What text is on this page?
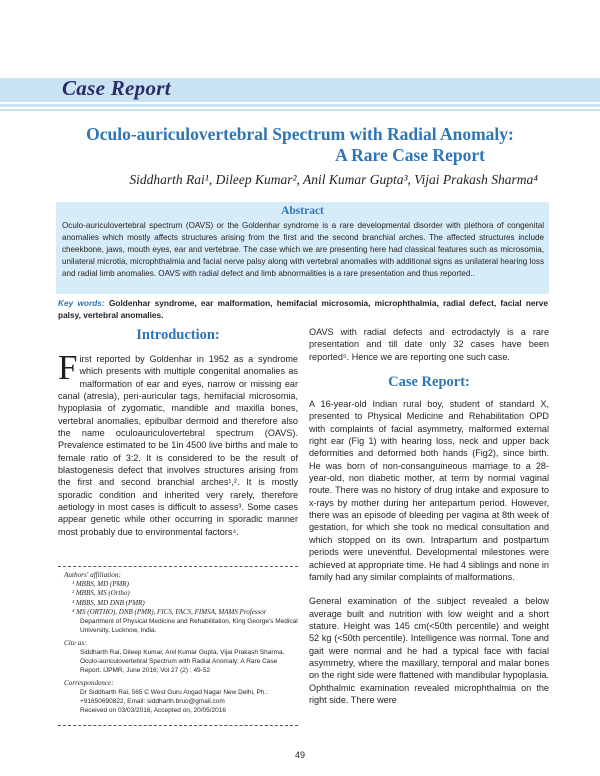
Case Report
Oculo-auriculovertebral Spectrum with Radial Anomaly:
A Rare Case Report
Siddharth Rai¹, Dileep Kumar², Anil Kumar Gupta³, Vijai Prakash Sharma⁴
Abstract
Oculo-auriculovertebral spectrum (OAVS) or the Goldenhar syndrome is a rare developmental disorder with plethora of congenital anomalies which mostly affects structures arising from the first and the second branchial arches. The affected structures include cheekbone, jaws, mouth eyes, ear and vertebrae. The case which we are presenting here had classical features such as microsomia, unilateral microtia, microphthalmia and facial nerve palsy along with vertebral anomalies with additional signs as unilateral hearing loss and radial limb anomalies. OAVS with radial defect and limb abnormalities is a rare presentation and thus reported..
Key words: Goldenhar syndrome, ear malformation, hemifacial microsomia, microphthalmia, radial defect, facial nerve palsy, vertebral anomalies.
Introduction:
First reported by Goldenhar in 1952 as a syndrome which presents with multiple congenital anomalies as malformation of ear and eyes, narrow or missing ear canal (atresia), peri-auricular tags, hemifacial microsomia, hypoplasia of zygomatic, mandible and maxilla bones, vertebral anomalies, epibulbar dermoid and therefore also the name oculoauriculovertebral spectrum (OAVS). Prevalence estimated to be 1in 4500 live births and male to female ratio of 3:2. It is considered to be the result of blastogenesis defect that involves structures arising from the first and second branchial arches¹,². It is mostly sporadic condition and inherited very rarely, therefore aetiology in most cases is difficult to assess³. Some cases appear genetic while other occurring in sporadic manner most probably due to environmental factors⁴.
Authors' affiliation:
¹ MBBS, MD (PMR)
² MBBS, MS (Ortho)
³ MBBS, MD DNB (PMR)
⁴ MS (ORTHO), DNB (PMR), FICS, FACS, FIMSA, MAMS Professor
Department of Physical Medicine and Rehabilitation, King George's Medical University, Lucknow, India.
Cite as:
Siddharth Rai, Dileep Kumar, Anil Kumar Gupta, Vijai Prakash Sharma, Oculo-auriculovertebral Spectrum with Radial Anomaly: A Rare Case Report. IJPMR, June 2016; Vol 27 (2) : 49-52
Correspondence:
Dr Siddharth Rai, 565 C West Guru Angad Nagar New Delhi, Ph.: +91650690822, Email: siddharth.bruo@gmail.com
Received on 03/03/2016, Accepted on, 20/05/2016
OAVS with radial defects and ectrodactyly is a rare presentation and till date only 32 cases have been reported⁵. Hence we are reporting one such case.
Case Report:
A 16-year-old Indian rural boy, student of standard X, presented to Physical Medicine and Rehabilitation OPD with complaints of facial asymmetry, malformed external right ear (Fig 1) with hearing loss, neck and upper back deformities and deformed both hands (Fig2), since birth. He was born of non-consanguineous marriage to a 28-year-old, non diabetic mother, at term by normal vaginal route. There was no history of drug intake and exposure to x-rays by mother during her antepartum period. However, there was an episode of bleeding per vagina at 8th week of gestation, for which she took no medical consultation and which stopped on its own. Intrapartum and postpartum periods were uneventful. Developmental milestones were achieved at appropriate time. He had 4 siblings and none in family had any similar complaints of malformations.
General examination of the subject revealed a below average built and nutrition with low weight and a short stature. Height was 145 cm(<50th percentile) and weight 52 kg (<50th percentile). Intelligence was normal. Tone and gait were normal and he had a typical face with facial asymmetry, where the maxillary, temporal and malar bones on the right side were flattened with mandibular hypoplasia. Ophthalmic examination revealed microphthalmia on the right side. There were
49
